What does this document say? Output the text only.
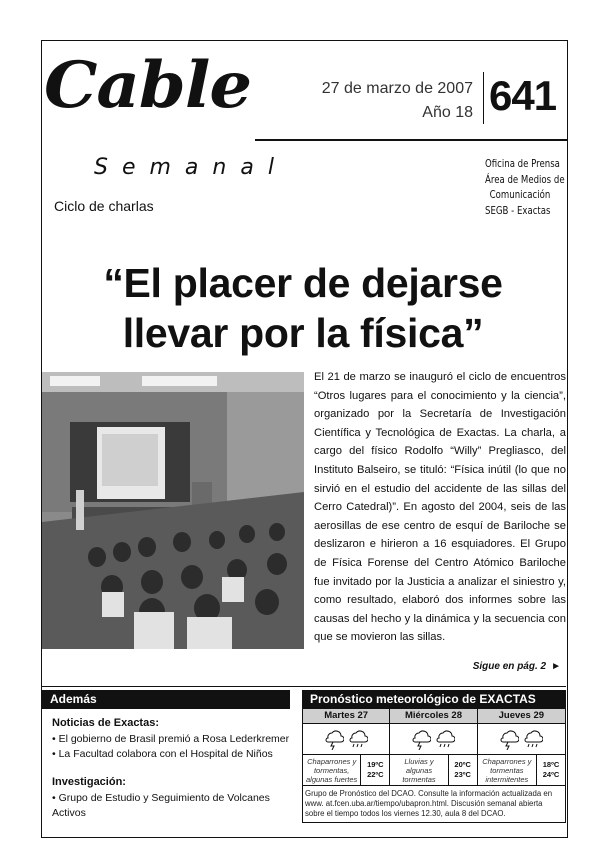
Cable
Semanal
27 de marzo de 2007
Año 18 641
Oficina de Prensa
Área de Medios de Comunicación
SEGB - Exactas
Ciclo de charlas
“El placer de dejarse llevar por la física”

El 21 de marzo se inauguró el ciclo de encuentros “Otros lugares para el conocimiento y la ciencia”, organizado por la Secretaría de Investigación Científica y Tecnológica de Exactas. La charla, a cargo del físico Rodolfo “Willy” Pregliasco, del Instituto Balseiro, se tituló: “Física inútil (lo que no sirvió en el estudio del accidente de las sillas del Cerro Catedral)”. En agosto del 2004, seis de las aerosillas de ese centro de esquí de Bariloche se deslizaron e hirieron a 16 esquiadores. El Grupo de Física Forense del Centro Atómico Bariloche fue invitado por la Justicia a analizar el siniestro y, como resultado, elaboró dos informes sobre las causas del hecho y la dinámica y la secuencia con que se movieron las sillas.

Sigue en pág. 2 ►
Además
Noticias de Exactas:
• El gobierno de Brasil premió a Rosa Lederkremer
• La Facultad colabora con el Hospital de Niños
Investigación:
• Grupo de Estudio y Seguimiento de Volcanes Activos
Pronóstico meteorológico de EXACTAS
Martes 27
Chaparrones y tormentas, algunas fuertes
19ºC
22ºC
Miércoles 28
Lluvias y algunas tormentas
20ºC
23ºC
Jueves 29
Chaparrones y tormentas intermitentes
18ºC
24ºC
Grupo de Pronóstico del DCAO. Consulte la información actualizada en www. at.fcen.uba.ar/tiempo/ubapron.html. Discusión semanal abierta sobre el tiempo todos los viernes 12.30, aula 8 del DCAO.
